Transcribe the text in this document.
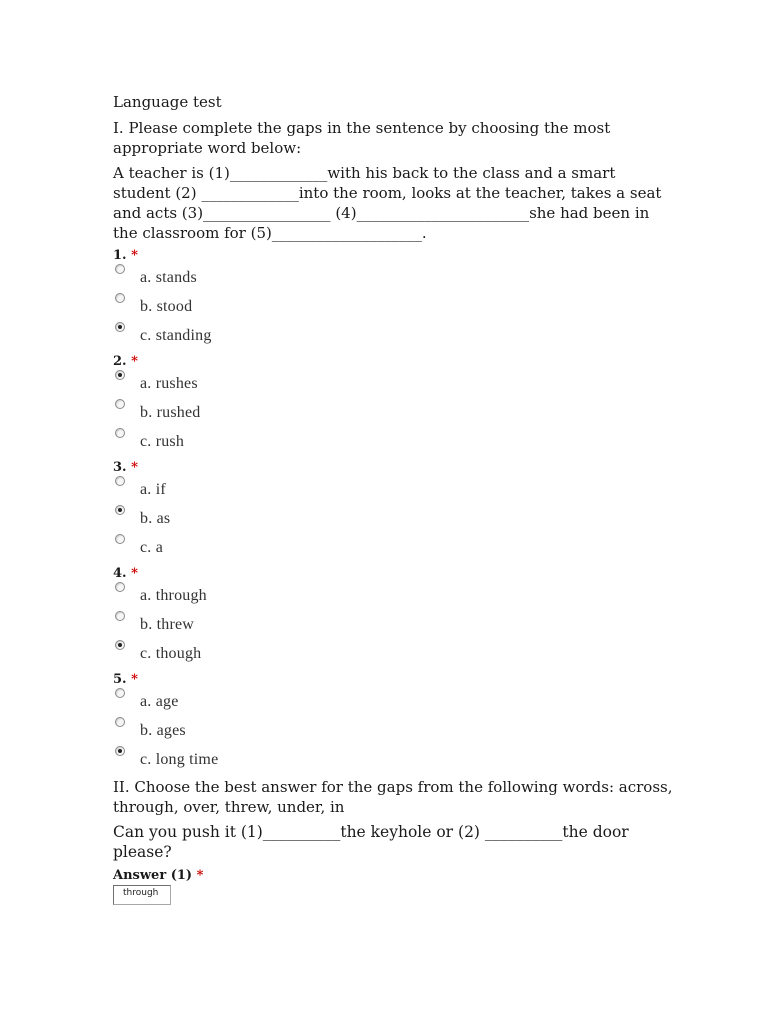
Language test
I. Please complete the gaps in the sentence by choosing the most appropriate word below:
A teacher is (1)_____________with his back to the class and a smart student (2) _____________into the room, looks at the teacher, takes a seat and acts (3)_________________ (4)_______________________she had been in the classroom for (5)____________________.
1. *
a. stands
b. stood
c. standing
2. *
a. rushes
b. rushed
c. rush
3. *
a. if
b. as
c. a
4. *
a. through
b. threw
c. though
5. *
a. age
b. ages
c. long time
II. Choose the best answer for the gaps from the following words: across, through, over, threw, under, in
Can you push it (1)__________the keyhole or (2) __________the door please?
Answer (1) *
through
